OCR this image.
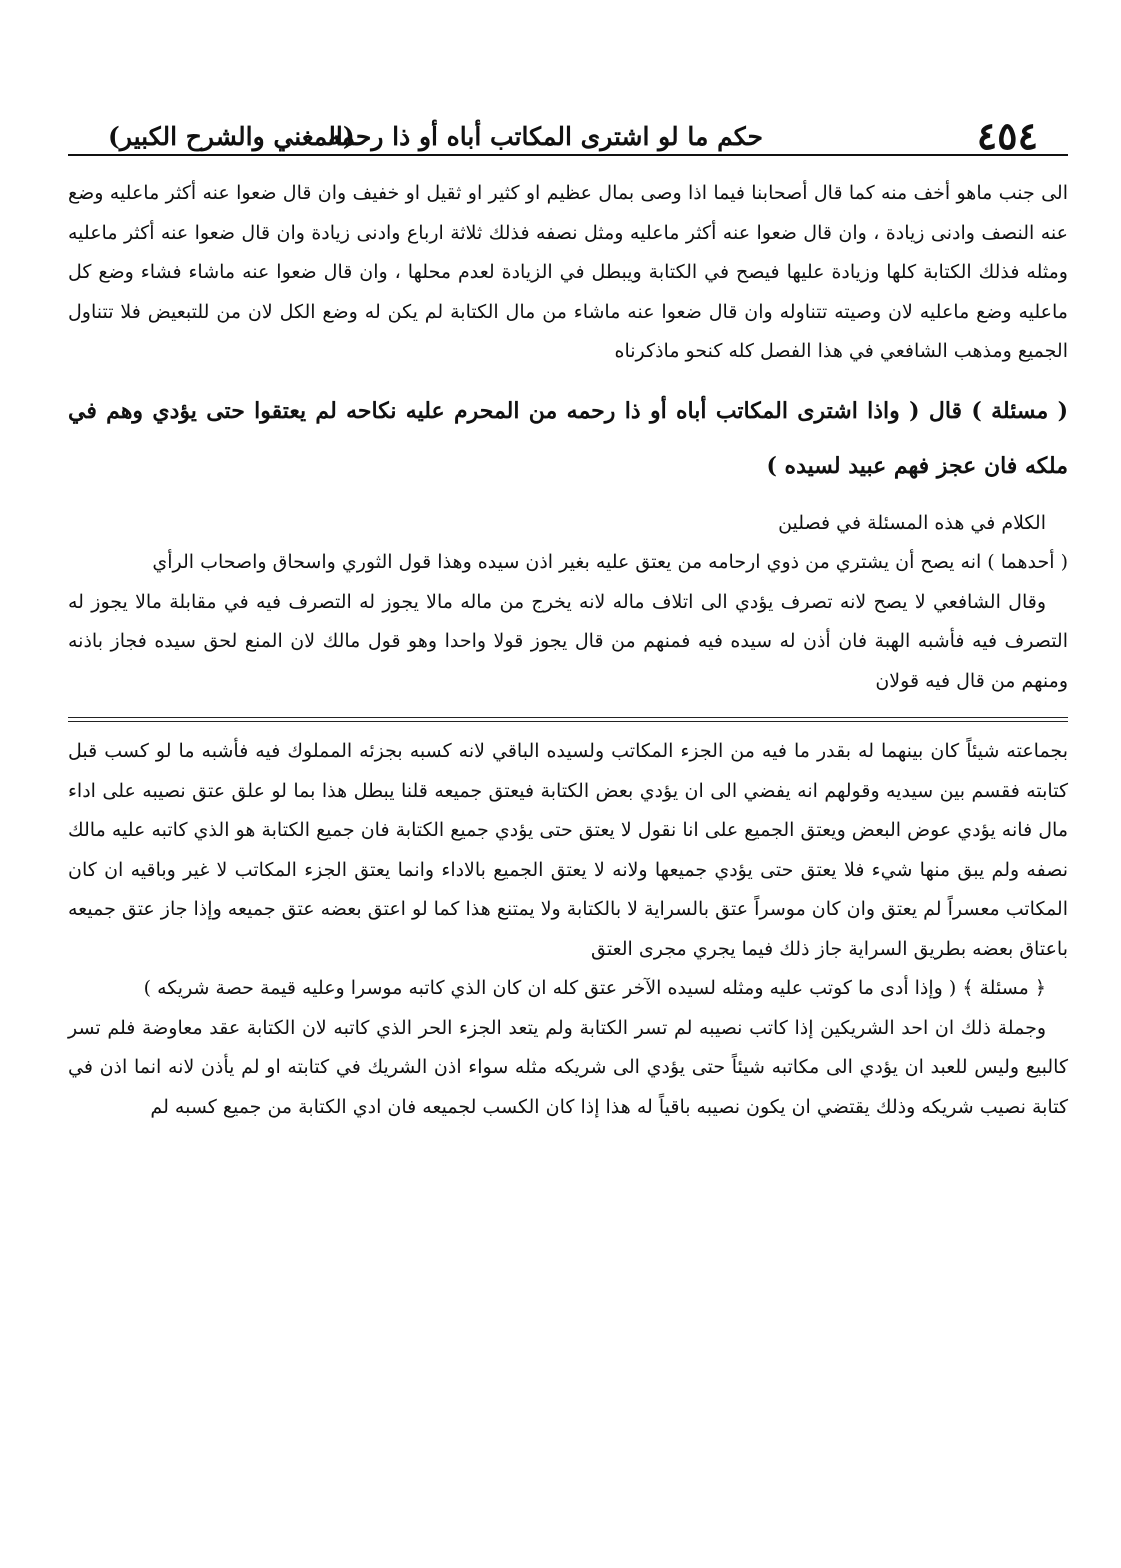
٤٥٤
حكم ما لو اشترى المكاتب أباه أو ذا رحمه
(المغني والشرح الكبير)

الى جنب ماهو أخف منه كما قال أصحابنا فيما اذا وصى بمال عظيم او كثير او ثقيل او خفيف وان قال ضعوا عنه أكثر ماعليه وضع عنه النصف وادنى زيادة ، وان قال ضعوا عنه أكثر ماعليه ومثل نصفه فذلك ثلاثة ارباع وادنى زيادة وان قال ضعوا عنه أكثر ماعليه ومثله فذلك الكتابة كلها وزيادة عليها فيصح في الكتابة ويبطل في الزيادة لعدم محلها ، وان قال ضعوا عنه ماشاء فشاء وضع كل ماعليه وضع ماعليه لان وصيته تتناوله وان قال ضعوا عنه ماشاء من مال الكتابة لم يكن له وضع الكل لان من للتبعيض فلا تتناول الجميع ومذهب الشافعي في هذا الفصل كله كنحو ماذكرناه

( مسئلة ) قال ( واذا اشترى المكاتب أباه أو ذا رحمه من المحرم عليه نكاحه لم يعتقوا حتى يؤدي وهم في ملكه فان عجز فهم عبيد لسيده )

الكلام في هذه المسئلة في فصلين

( أحدهما ) انه يصح أن يشتري من ذوي ارحامه من يعتق عليه بغير اذن سيده وهذا قول الثوري واسحاق واصحاب الرأي

وقال الشافعي لا يصح لانه تصرف يؤدي الى اتلاف ماله لانه يخرج من ماله مالا يجوز له التصرف فيه في مقابلة مالا يجوز له التصرف فيه فأشبه الهبة فان أذن له سيده فيه فمنهم من قال يجوز قولا واحدا وهو قول مالك لان المنع لحق سيده فجاز باذنه ومنهم من قال فيه قولان

بجماعته شيئاً كان بينهما له بقدر ما فيه من الجزء المكاتب ولسيده الباقي لانه كسبه بجزئه المملوك فيه فأشبه ما لو كسب قبل كتابته فقسم بين سيديه وقولهم انه يفضي الى ان يؤدي بعض الكتابة فيعتق جميعه قلنا يبطل هذا بما لو علق عتق نصيبه على اداء مال فانه يؤدي عوض البعض ويعتق الجميع على انا نقول لا يعتق حتى يؤدي جميع الكتابة فان جميع الكتابة هو الذي كاتبه عليه مالك نصفه ولم يبق منها شيء فلا يعتق حتى يؤدي جميعها ولانه لا يعتق الجميع بالاداء وانما يعتق الجزء المكاتب لا غير وباقيه ان كان المكاتب معسراً لم يعتق وان كان موسراً عتق بالسراية لا بالكتابة ولا يمتنع هذا كما لو اعتق بعضه عتق جميعه وإذا جاز عتق جميعه باعتاق بعضه بطريق السراية جاز ذلك فيما يجري مجرى العتق

﴿ مسئلة ﴾ ( وإذا أدى ما كوتب عليه ومثله لسيده الآخر عتق كله ان كان الذي كاتبه موسرا وعليه قيمة حصة شريكه )

وجملة ذلك ان احد الشريكين إذا كاتب نصيبه لم تسر الكتابة ولم يتعد الجزء الحر الذي كاتبه لان الكتابة عقد معاوضة فلم تسر كالبيع وليس للعبد ان يؤدي الى مكاتبه شيئاً حتى يؤدي الى شريكه مثله سواء اذن الشريك في كتابته او لم يأذن لانه انما اذن في كتابة نصيب شريكه وذلك يقتضي ان يكون نصيبه باقياً له هذا إذا كان الكسب لجميعه فان ادي الكتابة من جميع كسبه لم
